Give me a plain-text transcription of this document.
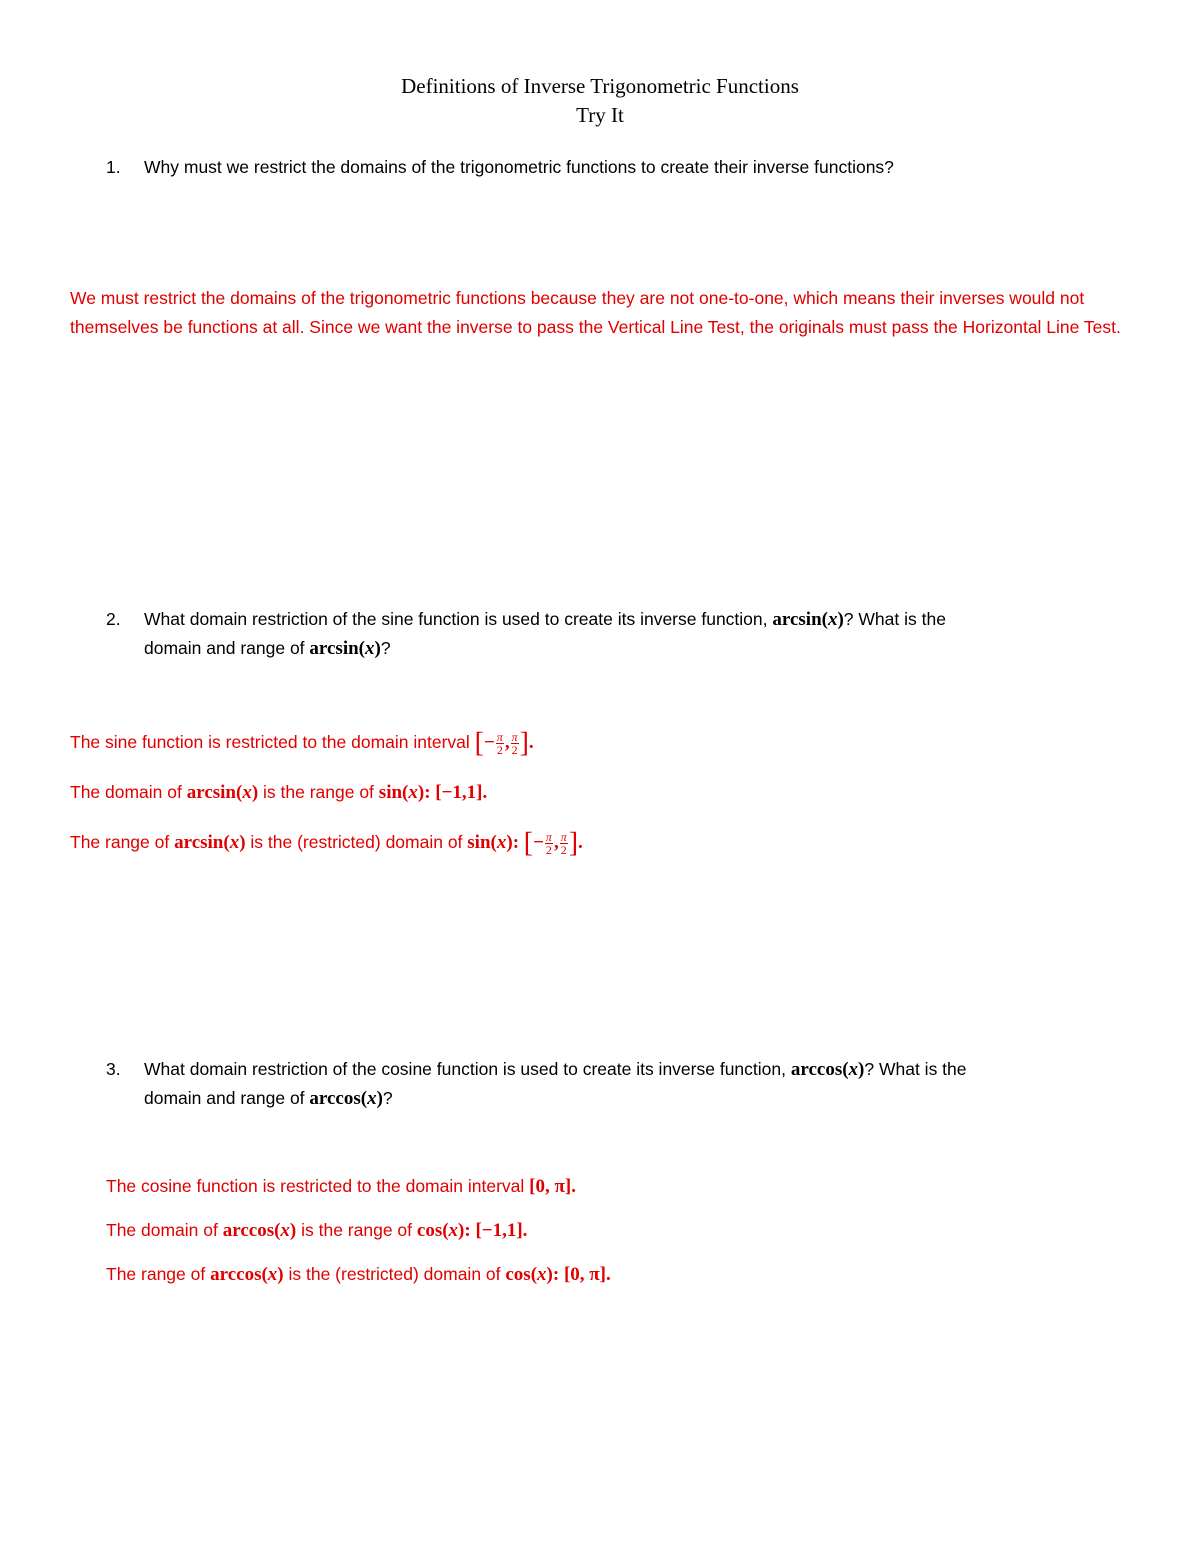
Definitions of Inverse Trigonometric Functions
Try It
1. Why must we restrict the domains of the trigonometric functions to create their inverse functions?
We must restrict the domains of the trigonometric functions because they are not one-to-one, which means their inverses would not themselves be functions at all. Since we want the inverse to pass the Vertical Line Test, the originals must pass the Horizontal Line Test.
2. What domain restriction of the sine function is used to create its inverse function, arcsin(x)? What is the
domain and range of arcsin(x)?
The sine function is restricted to the domain interval [− $\frac{\pi}{2}$ , $\frac{\pi}{2}$ ].
The domain of arcsin(x) is the range of sin(x): [−1,1].
The range of arcsin(x) is the (restricted) domain of sin(x): [− $\frac{\pi}{2}$ , $\frac{\pi}{2}$ ].
3. What domain restriction of the cosine function is used to create its inverse function, arccos(x)? What is the
domain and range of arccos(x)?
The cosine function is restricted to the domain interval [0, π].
The domain of arccos(x) is the range of cos(x): [−1,1].
The range of arccos(x) is the (restricted) domain of cos(x): [0, π].
